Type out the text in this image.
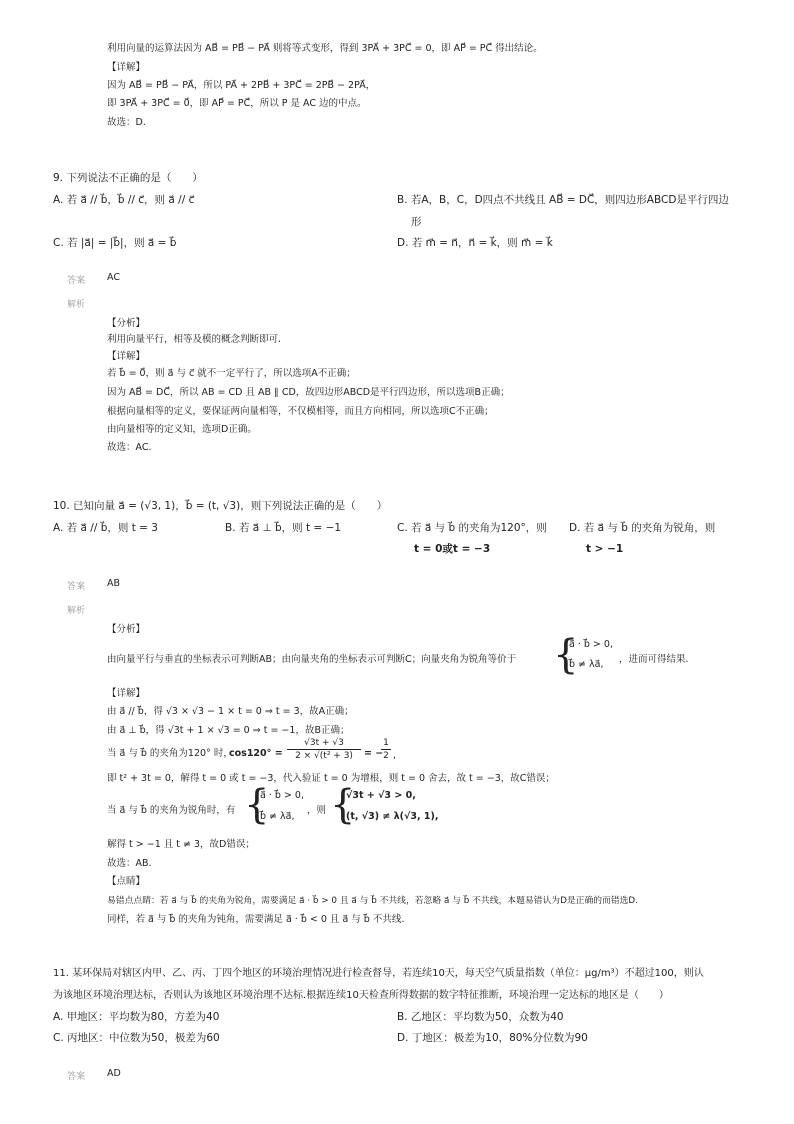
利用向量的运算法因为 AB⃗ = PB⃗ − PA⃗ 则将等式变形，得到 3PA⃗ + 3PC⃗ = 0，即 AP⃗ = PC⃗ 得出结论。
【详解】
因为 AB⃗ = PB⃗ − PA⃗，所以 PA⃗ + 2PB⃗ + 3PC⃗ = 2PB⃗ − 2PA⃗，
即 3PA⃗ + 3PC⃗ = 0⃗，即 AP⃗ = PC⃗，所以 P 是 AC 边的中点。
故选：D.
9. 下列说法不正确的是（　　）
A. 若 a⃗ // b⃗，b⃗ // c⃗，则 a⃗ // c⃗	B. 若A，B，C，D四点不共线且 AB⃗ = DC⃗，则四边形ABCD是平行四边
形
C. 若 |a⃗| = |b⃗|，则 a⃗ = b⃗	D. 若 m⃗ = n⃗，n⃗ = k⃗，则 m⃗ = k⃗
答案 AC
解析
【分析】
利用向量平行，相等及模的概念判断即可.
【详解】
若 b⃗ = 0⃗，则 a⃗ 与 c⃗ 就不一定平行了，所以选项A不正确；
因为 AB⃗ = DC⃗，所以 AB = CD 且 AB ∥ CD，故四边形ABCD是平行四边形，所以选项B正确；
根据向量相等的定义，要保证两向量相等，不仅模相等，而且方向相同，所以选项C不正确；
由向量相等的定义知，选项D正确。
故选：AC.
10. 已知向量 a⃗ = (√3, 1)，b⃗ = (t, √3)，则下列说法正确的是（　　）
A. 若 a⃗ // b⃗，则 t = 3	B. 若 a⃗ ⊥ b⃗，则 t = −1	C. 若 a⃗ 与 b⃗ 的夹角为120°，则
t = 0或t = −3
D. 若 a⃗ 与 b⃗ 的夹角为锐角，则
t > −1
答案 AB
解析
【分析】
由向量平行与垂直的坐标表示可判断AB；由向量夹角的坐标表示可判断C；向量夹角为锐角等价于 {
a⃗ · b⃗ > 0,
b⃗ ≠ λa⃗, ，进而可得结果.
【详解】
由 a⃗ // b⃗，得 √3 × √3 − 1 × t = 0 ⇒ t = 3，故A正确；
由 a⃗ ⊥ b⃗，得 √3t + 1 × √3 = 0 ⇒ t = −1，故B正确；
当 a⃗ 与 b⃗ 的夹角为120° 时，
cos120° =
√3t + √3
2 × √(t² + 3)	= −
1
2 ,
即 t² + 3t = 0，解得 t = 0 或 t = −3，代入验证 t = 0 为增根，则 t = 0 舍去，故 t = −3，故C错误；
当 a⃗ 与 b⃗ 的夹角为锐角时，有 {
a⃗ · b⃗ > 0,
b⃗ ≠ λa⃗,
，则 {
√3t + √3 > 0,
(t, √3) ≠ λ(√3, 1),
解得 t > −1 且 t ≠ 3，故D错误；
故选：AB.
【点睛】
易错点点睛：若 a⃗ 与 b⃗ 的夹角为锐角，需要满足 a⃗ · b⃗ > 0 且 a⃗ 与 b⃗ 不共线，若忽略 a⃗ 与 b⃗ 不共线，本题易错认为D是正确的而错选D.
同样，若 a⃗ 与 b⃗ 的夹角为钝角，需要满足 a⃗ · b⃗ < 0 且 a⃗ 与 b⃗ 不共线.
11. 某环保局对辖区内甲、乙、丙、丁四个地区的环境治理情况进行检查督导，若连续10天，每天空气质量指数（单位：μg/m³）不超过100，则认
为该地区环境治理达标，否则认为该地区环境治理不达标.根据连续10天检查所得数据的数字特征推断，环境治理一定达标的地区是（　　）
A. 甲地区：平均数为80，方差为40	B. 乙地区：平均数为50，众数为40
C. 丙地区：中位数为50，极差为60	D. 丁地区：极差为10，80%分位数为90
答案 AD
